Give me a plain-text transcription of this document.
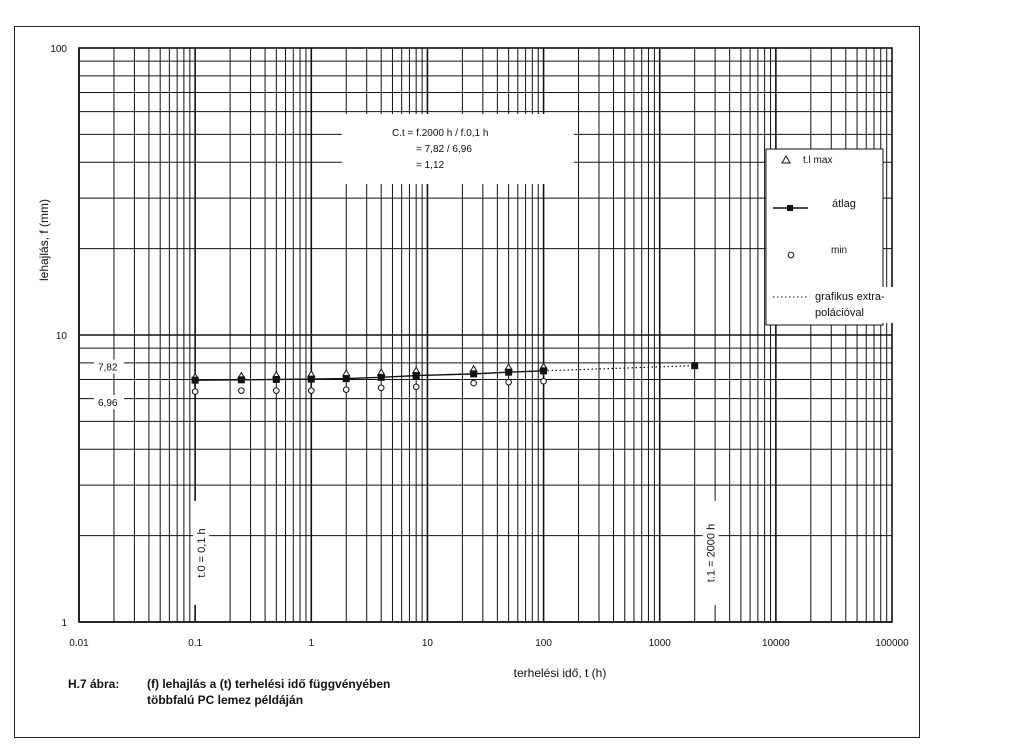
0.01	0.1	1	10	100	1000	10000	100000
1
10
100
terhelési idő, t (h)
lehajlás, f (mm)
7,82
6,96
t.0 = 0,1 h	t.1 = 2000 h
C.t = f.2000 h / f.0,1 h
= 7,82 / 6,96
= 1,12	t.l max
átlag
min
grafikus extra-
polációval
H.7 ábra: (f) lehajlás a (t) terhelési idő függvényében
többfalú PC lemez példáján
